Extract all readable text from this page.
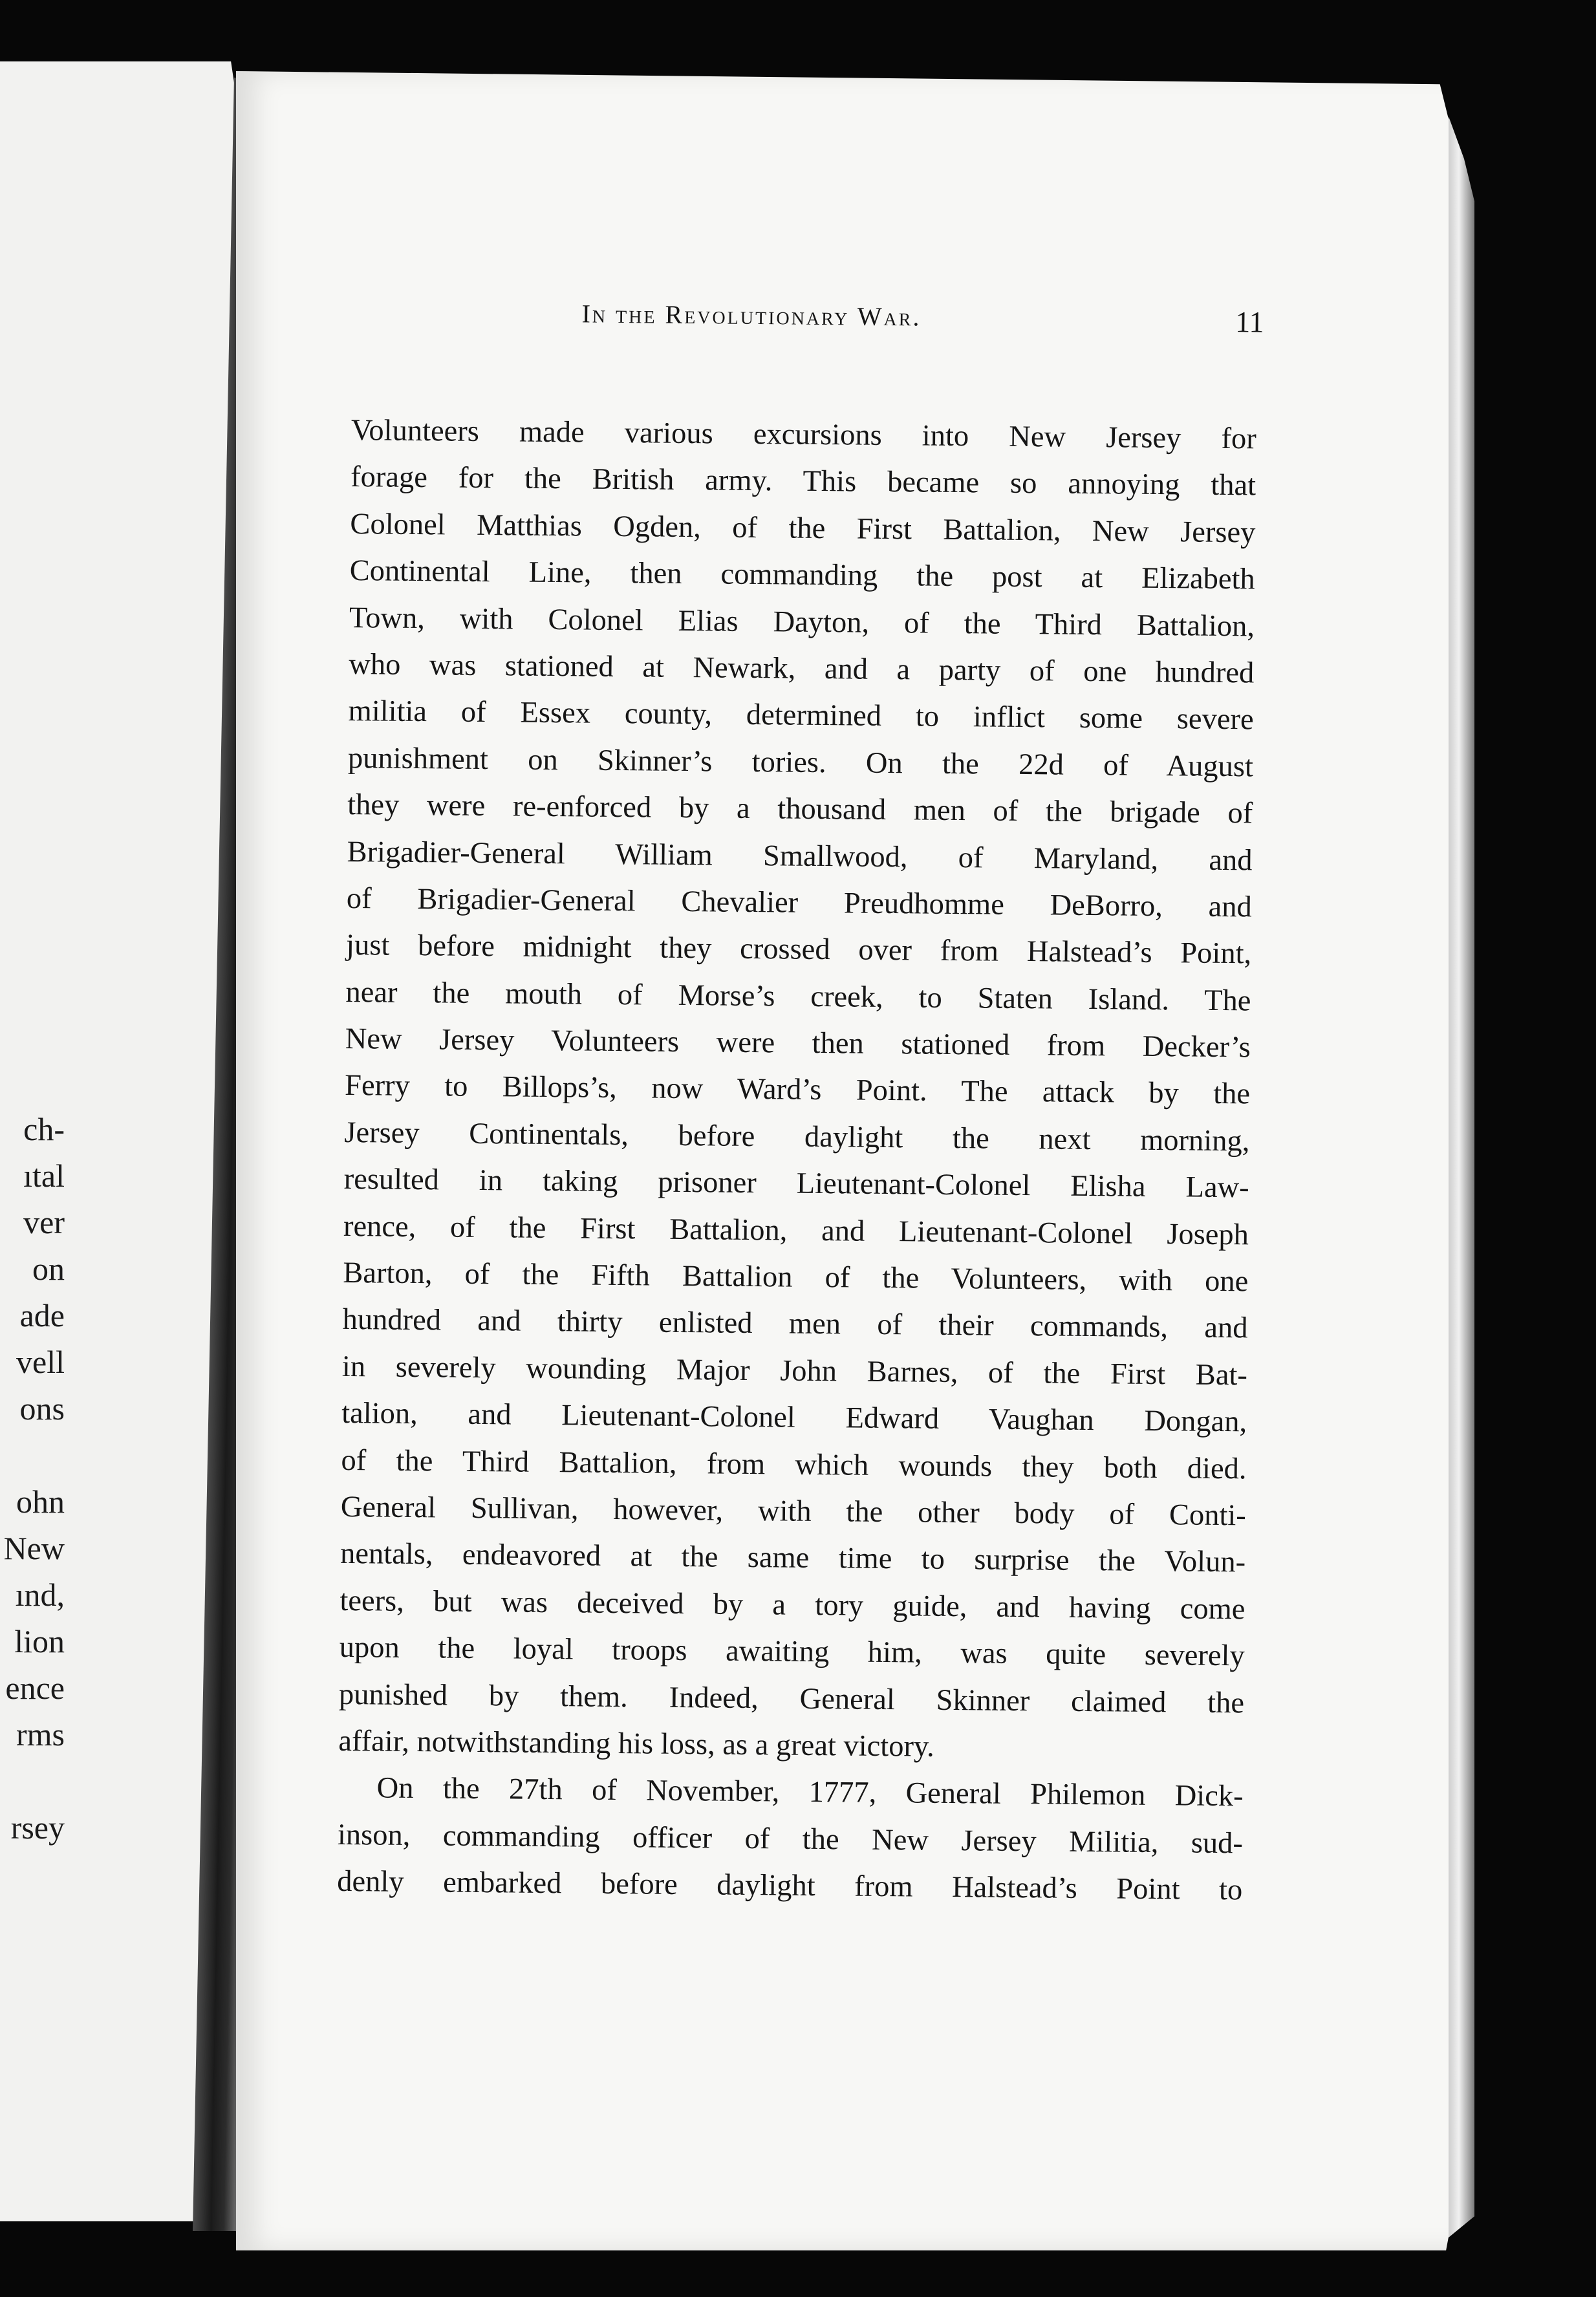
ch-
ıtal
ver
on
ade
vell
ons
ohn
New
ınd,
lion
ence
rms
rsey
In the Revolutionary War.	11
Volunteers made various excursions into New Jersey for
forage for the British army. This became so annoying that
Colonel Matthias Ogden, of the First Battalion, New Jersey
Continental Line, then commanding the post at Elizabeth
Town, with Colonel Elias Dayton, of the Third Battalion,
who was stationed at Newark, and a party of one hundred
militia of Essex county, determined to inflict some severe
punishment on Skinner’s tories. On the 22d of August
they were re-enforced by a thousand men of the brigade of
Brigadier-General William Smallwood, of Maryland, and
of Brigadier-General Chevalier Preudhomme DeBorro, and
just before midnight they crossed over from Halstead’s Point,
near the mouth of Morse’s creek, to Staten Island. The
New Jersey Volunteers were then stationed from Decker’s
Ferry to Billops’s, now Ward’s Point. The attack by the
Jersey Continentals, before daylight the next morning,
resulted in taking prisoner Lieutenant-Colonel Elisha Law-
rence, of the First Battalion, and Lieutenant-Colonel Joseph
Barton, of the Fifth Battalion of the Volunteers, with one
hundred and thirty enlisted men of their commands, and
in severely wounding Major John Barnes, of the First Bat-
talion, and Lieutenant-Colonel Edward Vaughan Dongan,
of the Third Battalion, from which wounds they both died.
General Sullivan, however, with the other body of Conti-
nentals, endeavored at the same time to surprise the Volun-
teers, but was deceived by a tory guide, and having come
upon the loyal troops awaiting him, was quite severely
punished by them. Indeed, General Skinner claimed the
affair, notwithstanding his loss, as a great victory.
On the 27th of November, 1777, General Philemon Dick-
inson, commanding officer of the New Jersey Militia, sud-
denly embarked before daylight from Halstead’s Point to
